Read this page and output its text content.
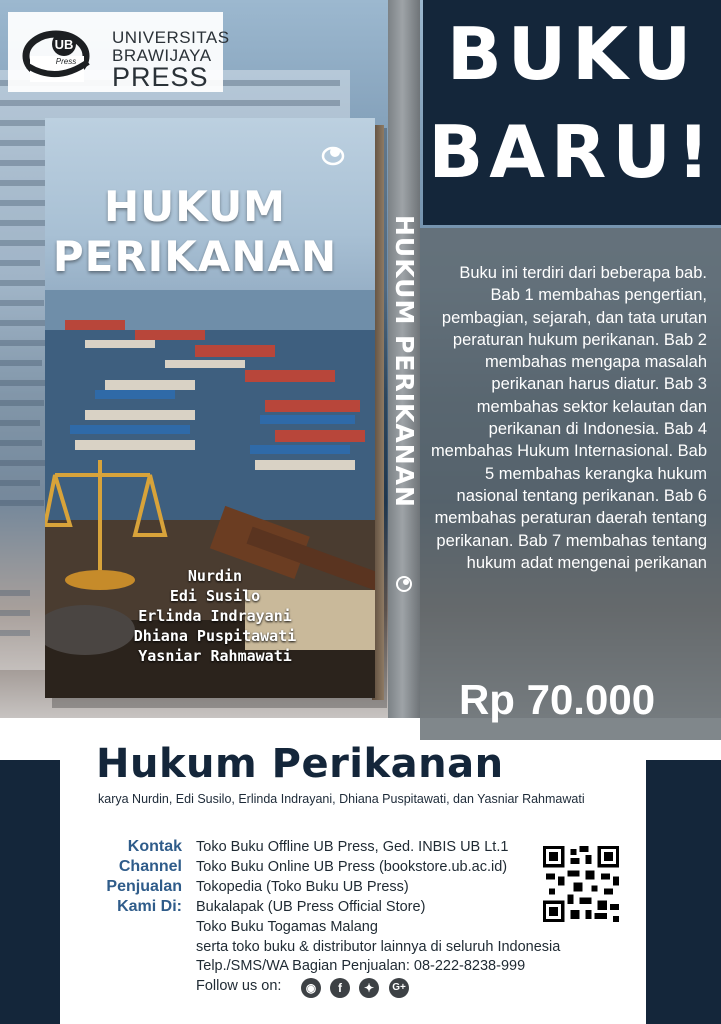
UB
Press
UNIVERSITAS
BRAWIJAYA
PRESS
HUKUM PERIKANAN
HUKUM
PERIKANAN
Nurdin
Edi Susilo
Erlinda Indrayani
Dhiana Puspitawati
Yasniar Rahmawati
BUKU
BARU!
Buku ini terdiri dari beberapa bab. Bab 1 membahas pengertian, pembagian, sejarah, dan tata urutan peraturan hukum perikanan. Bab 2 membahas mengapa masalah perikanan harus diatur. Bab 3 membahas sektor kelautan dan perikanan di Indonesia. Bab 4 membahas Hukum Internasional. Bab 5 membahas kerangka hukum nasional tentang perikanan. Bab 6 membahas peraturan daerah tentang perikanan. Bab 7 membahas tentang hukum adat mengenai perikanan
Rp 70.000
Hukum Perikanan
karya Nurdin, Edi Susilo, Erlinda Indrayani, Dhiana Puspitawati, dan Yasniar Rahmawati
Kontak
Channel
Penjualan
Kami Di:
Toko Buku Offline UB Press, Ged. INBIS UB Lt.1
Toko Buku Online UB Press (bookstore.ub.ac.id)
Tokopedia (Toko Buku UB Press)
Bukalapak (UB Press Official Store)
Toko Buku Togamas Malang
serta toko buku & distributor lainnya di seluruh Indonesia
Telp./SMS/WA Bagian Penjualan: 08-222-8238-999
Follow us on:	◉	f	✦	G+
